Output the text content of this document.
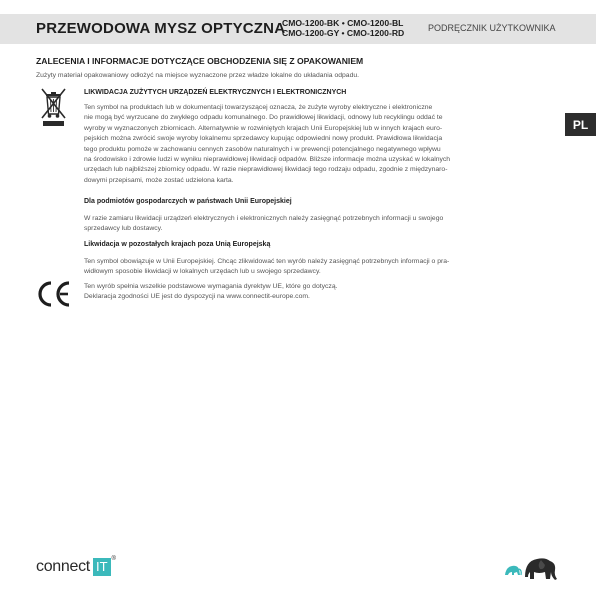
PRZEWODOWA MYSZ OPTYCZNA
CMO-1200-BK • CMO-1200-BL
CMO-1200-GY • CMO-1200-RD	PODRĘCZNIK UŻYTKOWNIKA
PL
ZALECENIA I INFORMACJE DOTYCZĄCE OBCHODZENIA SIĘ Z OPAKOWANIEM
Zużyty materiał opakowaniowy odłożyć na miejsce wyznaczone przez władze lokalne do układania odpadu.
LIKWIDACJA ZUŻYTYCH URZĄDZEŃ ELEKTRYCZNYCH I ELEKTRONICZNYCH
Ten symbol na produktach lub w dokumentacji towarzyszącej oznacza, że zużyte wyroby elektryczne i elektroniczne
nie mogą być wyrzucane do zwykłego odpadu komunalnego. Do prawidłowej likwidacji, odnowy lub recyklingu oddać te
wyroby w wyznaczonych zbiornicach. Alternatywnie w rozwiniętych krajach Unii Europejskiej lub w innych krajach euro-
pejskich można zwrócić swoje wyroby lokalnemu sprzedawcy kupując odpowiedni nowy produkt. Prawidłowa likwidacja
tego produktu pomoże w zachowaniu cennych zasobów naturalnych i w prewencji potencjalnego negatywnego wpływu
na środowisko i zdrowie ludzi w wyniku nieprawidłowej likwidacji odpadów. Bliższe informacje można uzyskać w lokalnych
urzędach lub najbliższej zbiornicy odpadu. W razie nieprawidłowej likwidacji tego rodzaju odpadu, zgodnie z międzynaro-
dowymi przepisami, może zostać udzielona karta.
Dla podmiotów gospodarczych w państwach Unii Europejskiej
W razie zamiaru likwidacji urządzeń elektrycznych i elektronicznych należy zasięgnąć potrzebnych informacji u swojego
sprzedawcy lub dostawcy.
Likwidacja w pozostałych krajach poza Unią Europejską
Ten symbol obowiązuje w Unii Europejskiej. Chcąc zlikwidować ten wyrób należy zasięgnąć potrzebnych informacji o pra-
widłowym sposobie likwidacji w lokalnych urzędach lub u swojego sprzedawcy.
Ten wyrób spełnia wszelkie podstawowe wymagania dyrektyw UE, które go dotyczą.
Deklaracja zgodności UE jest do dyspozycji na www.connectit-europe.com.
connect IT ®
